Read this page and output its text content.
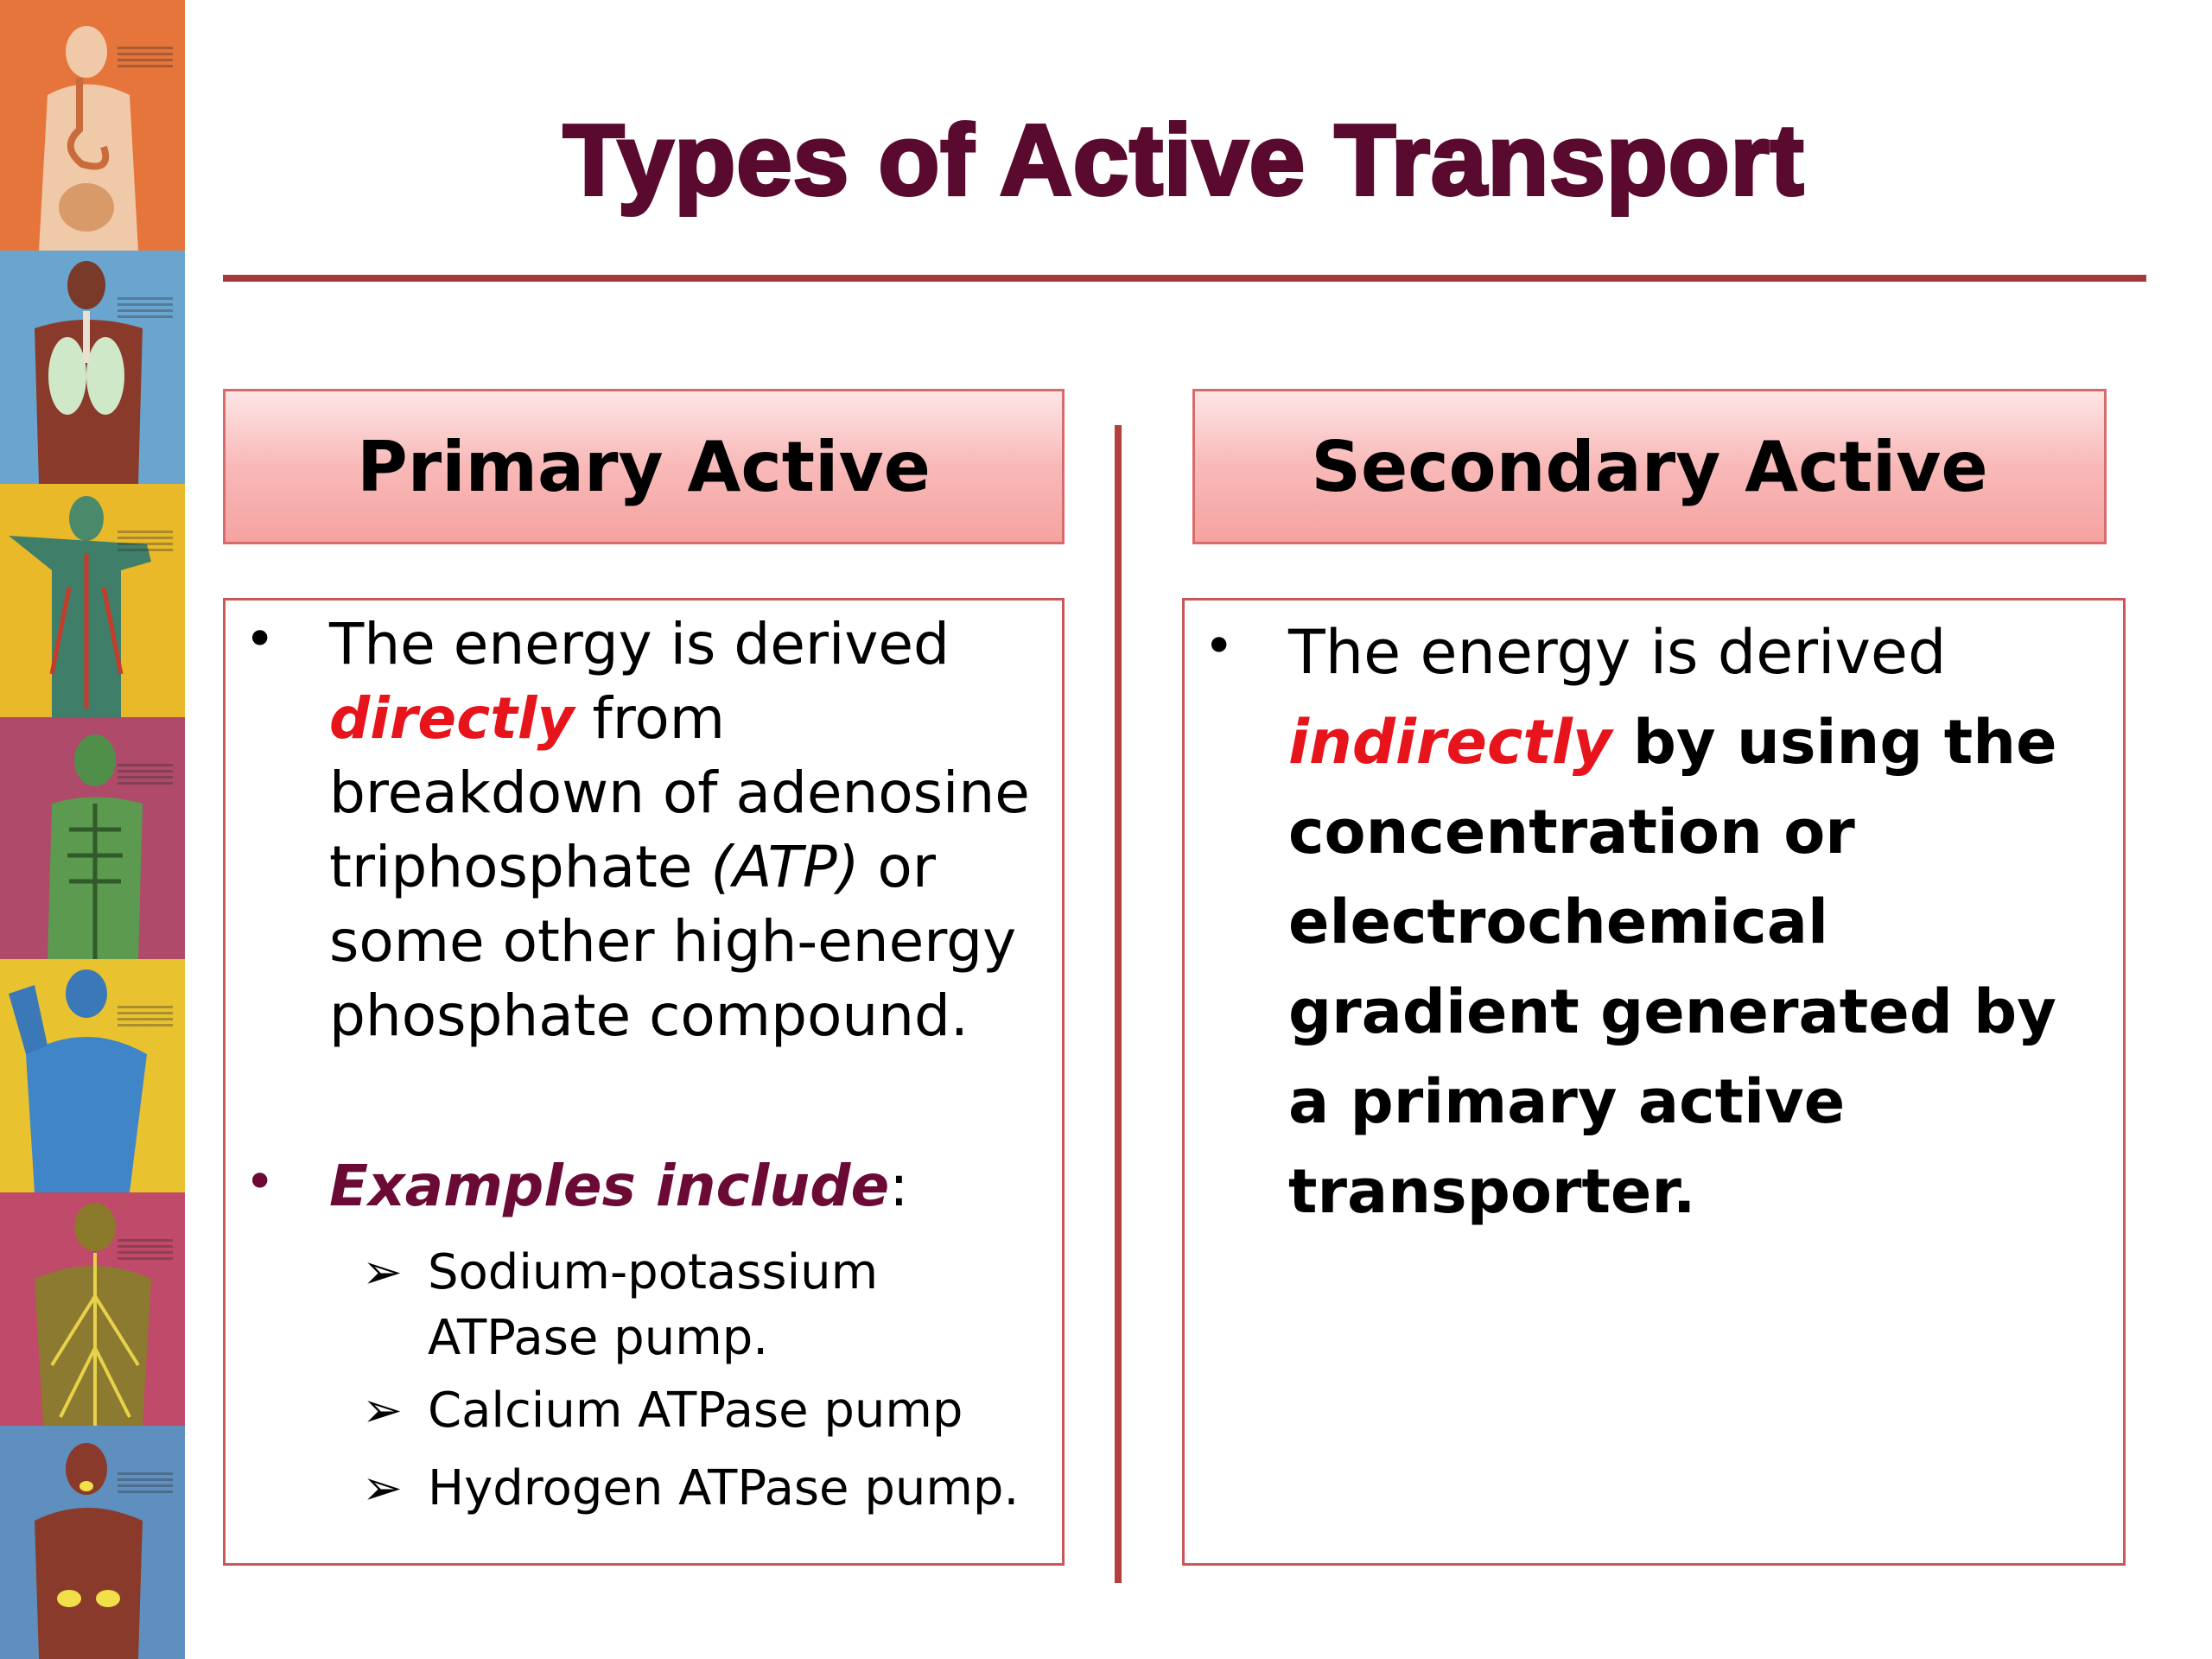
Types of Active Transport
Primary Active
• The energy is derived
directly from breakdown of adenosine triphosphate (ATP) or some other high-energy phosphate compound.
• Examples include:
➢ Sodium-potassium
ATPase pump.
➢ Calcium ATPase pump
➢ Hydrogen ATPase pump.
Secondary Active
• The energy is derived
indirectly by using the concentration or electrochemical gradient generated by a primary active transporter.
